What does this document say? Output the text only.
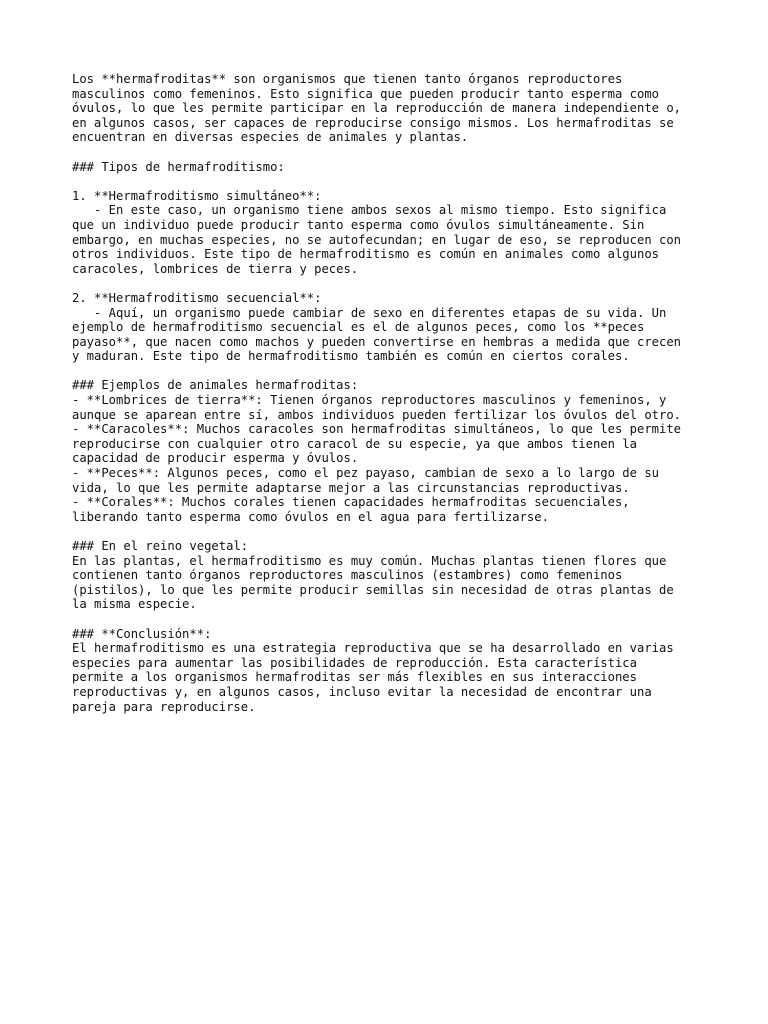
Los **hermafroditas** son organismos que tienen tanto órganos reproductores
masculinos como femeninos. Esto significa que pueden producir tanto esperma como
óvulos, lo que les permite participar en la reproducción de manera independiente o,
en algunos casos, ser capaces de reproducirse consigo mismos. Los hermafroditas se
encuentran en diversas especies de animales y plantas.

### Tipos de hermafroditismo:

1. **Hermafroditismo simultáneo**:
- En este caso, un organismo tiene ambos sexos al mismo tiempo. Esto significa
que un individuo puede producir tanto esperma como óvulos simultáneamente. Sin
embargo, en muchas especies, no se autofecundan; en lugar de eso, se reproducen con
otros individuos. Este tipo de hermafroditismo es común en animales como algunos
caracoles, lombrices de tierra y peces.

2. **Hermafroditismo secuencial**:
- Aquí, un organismo puede cambiar de sexo en diferentes etapas de su vida. Un
ejemplo de hermafroditismo secuencial es el de algunos peces, como los **peces
payaso**, que nacen como machos y pueden convertirse en hembras a medida que crecen
y maduran. Este tipo de hermafroditismo también es común en ciertos corales.

### Ejemplos de animales hermafroditas:
- **Lombrices de tierra**: Tienen órganos reproductores masculinos y femeninos, y
aunque se aparean entre sí, ambos individuos pueden fertilizar los óvulos del otro.
- **Caracoles**: Muchos caracoles son hermafroditas simultáneos, lo que les permite
reproducirse con cualquier otro caracol de su especie, ya que ambos tienen la
capacidad de producir esperma y óvulos.
- **Peces**: Algunos peces, como el pez payaso, cambian de sexo a lo largo de su
vida, lo que les permite adaptarse mejor a las circunstancias reproductivas.
- **Corales**: Muchos corales tienen capacidades hermafroditas secuenciales,
liberando tanto esperma como óvulos en el agua para fertilizarse.

### En el reino vegetal:
En las plantas, el hermafroditismo es muy común. Muchas plantas tienen flores que
contienen tanto órganos reproductores masculinos (estambres) como femeninos
(pistilos), lo que les permite producir semillas sin necesidad de otras plantas de
la misma especie.

### **Conclusión**:
El hermafroditismo es una estrategia reproductiva que se ha desarrollado en varias
especies para aumentar las posibilidades de reproducción. Esta característica
permite a los organismos hermafroditas ser más flexibles en sus interacciones
reproductivas y, en algunos casos, incluso evitar la necesidad de encontrar una
pareja para reproducirse.
